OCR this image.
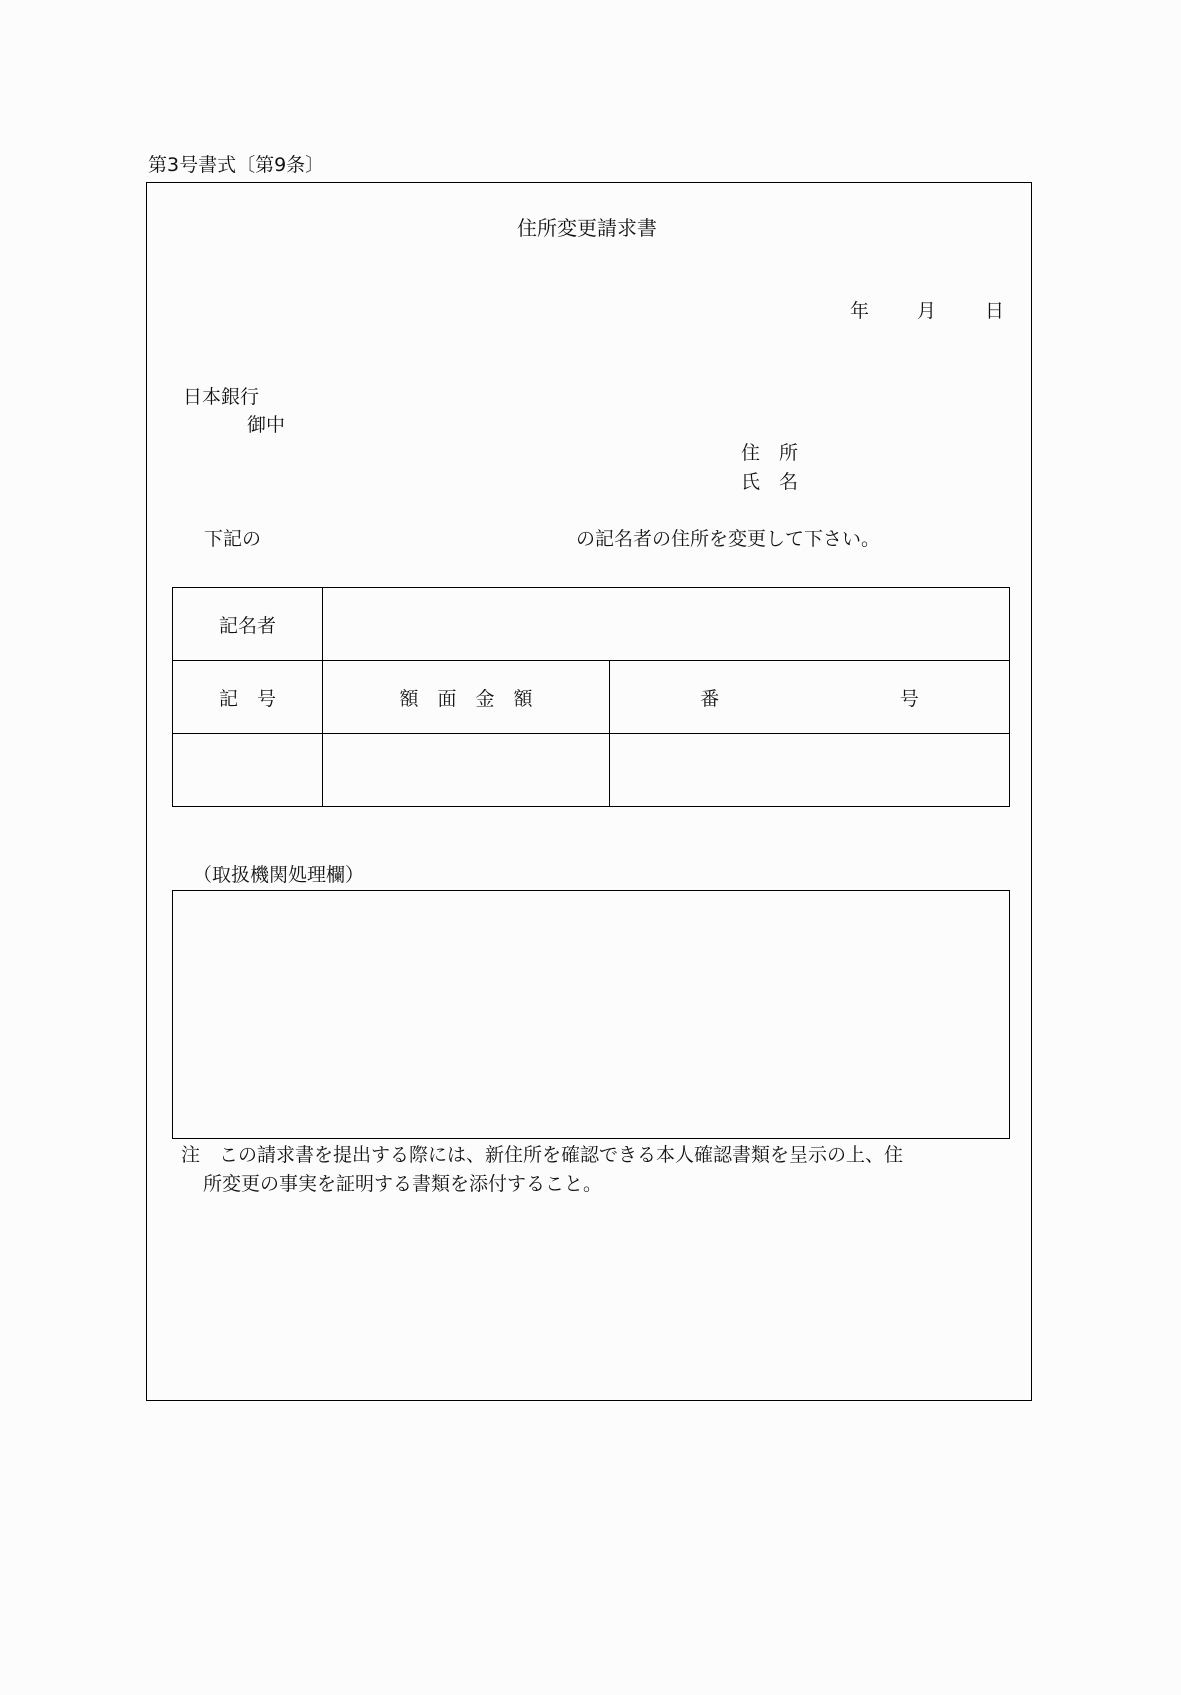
第3号書式〔第9条〕
住所変更請求書
年	月	日
日本銀行
御中
住　所
氏　名
下記の	の記名者の住所を変更して下さい。
記名者		
記　号	額　面　金　額	番 号

（取扱機関処理欄）
注　この請求書を提出する際には、新住所を確認できる本人確認書類を呈示の上、住
所変更の事実を証明する書類を添付すること。
